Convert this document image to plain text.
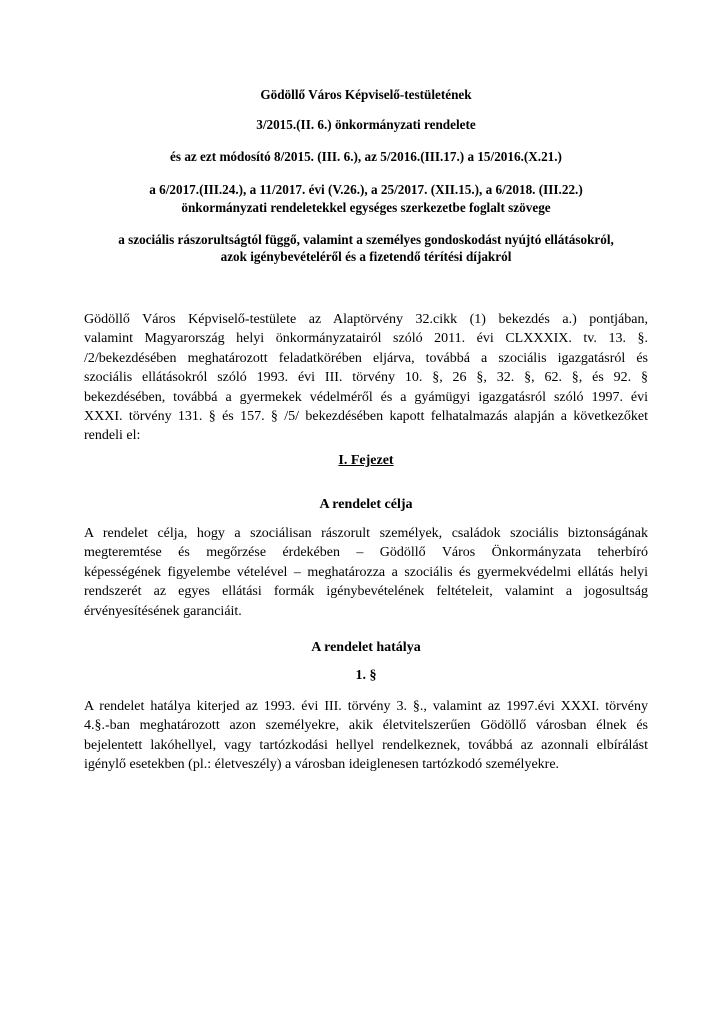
Gödöllő Város Képviselő-testületének
3/2015.(II. 6.) önkormányzati rendelete
és az ezt módosító 8/2015. (III. 6.), az 5/2016.(III.17.) a 15/2016.(X.21.)
a 6/2017.(III.24.), a 11/2017. évi (V.26.), a 25/2017. (XII.15.), a 6/2018. (III.22.)
önkormányzati rendeletekkel egységes szerkezetbe foglalt szövege
a szociális rászorultságtól függő, valamint a személyes gondoskodást nyújtó ellátásokról,
azok igénybevételéről és a fizetendő térítési díjakról
Gödöllő Város Képviselő-testülete az Alaptörvény 32.cikk (1) bekezdés a.) pontjában,
valamint Magyarország helyi önkormányzatairól szóló 2011. évi CLXXXIX. tv. 13. §.
/2/bekezdésében meghatározott feladatkörében eljárva, továbbá a szociális igazgatásról és
szociális ellátásokról szóló 1993. évi III. törvény 10. §, 26 §, 32. §, 62. §, és 92. §
bekezdésében, továbbá a gyermekek védelméről és a gyámügyi igazgatásról szóló 1997. évi
XXXI. törvény 131. § és 157. § /5/ bekezdésében kapott felhatalmazás alapján a következőket
rendeli el:
I. Fejezet
A rendelet célja
A rendelet célja, hogy a szociálisan rászorult személyek, családok szociális biztonságának
megteremtése és megőrzése érdekében – Gödöllő Város Önkormányzata teherbíró
képességének figyelembe vételével – meghatározza a szociális és gyermekvédelmi ellátás helyi
rendszerét az egyes ellátási formák igénybevételének feltételeit, valamint a jogosultság
érvényesítésének garanciáit.
A rendelet hatálya
1. §
A rendelet hatálya kiterjed az 1993. évi III. törvény 3. §., valamint az 1997.évi XXXI. törvény
4.§.-ban meghatározott azon személyekre, akik életvitelszerűen Gödöllő városban élnek és
bejelentett lakóhellyel, vagy tartózkodási hellyel rendelkeznek, továbbá az azonnali elbírálást
igénylő esetekben (pl.: életveszély) a városban ideiglenesen tartózkodó személyekre.
